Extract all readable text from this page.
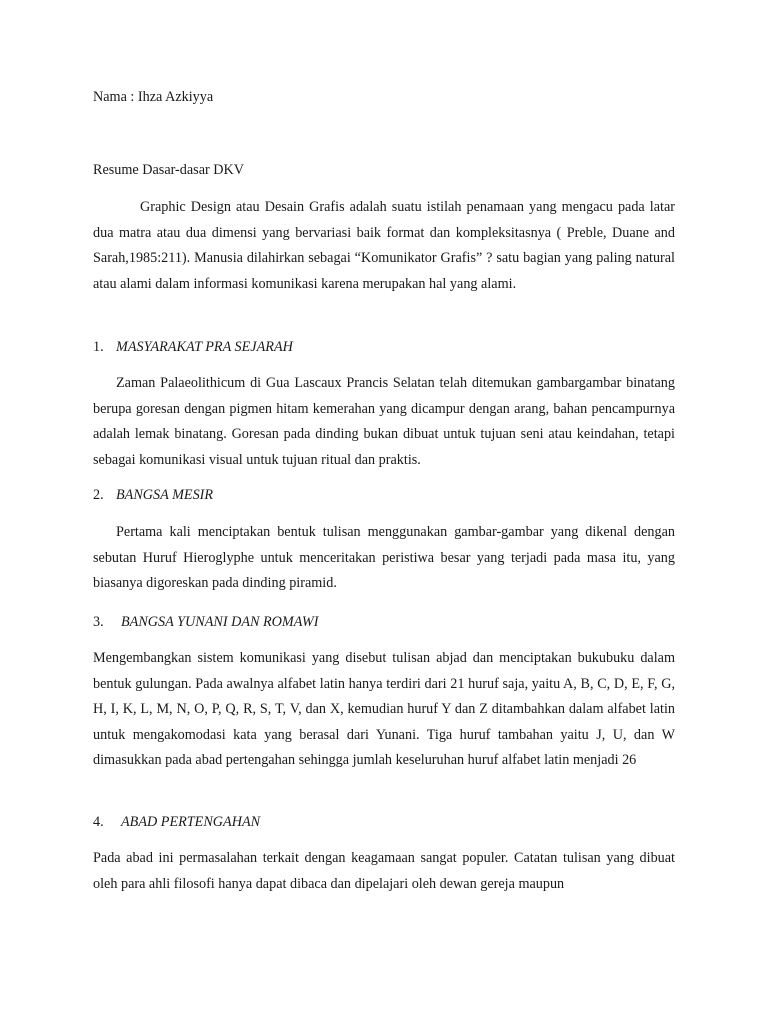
Nama : Ihza Azkiyya
Resume Dasar-dasar DKV
Graphic Design atau Desain Grafis adalah suatu istilah penamaan yang mengacu pada latar dua matra atau dua dimensi yang bervariasi baik format dan kompleksitasnya ( Preble, Duane and Sarah,1985:211). Manusia dilahirkan sebagai “Komunikator Grafis” ? satu bagian yang paling natural atau alami dalam informasi komunikasi karena merupakan hal yang alami.
1. MASYARAKAT PRA SEJARAH
Zaman Palaeolithicum di Gua Lascaux Prancis Selatan telah ditemukan gambargambar binatang berupa goresan dengan pigmen hitam kemerahan yang dicampur dengan arang, bahan pencampurnya adalah lemak binatang. Goresan pada dinding bukan dibuat untuk tujuan seni atau keindahan, tetapi sebagai komunikasi visual untuk tujuan ritual dan praktis.
2. BANGSA MESIR
Pertama kali menciptakan bentuk tulisan menggunakan gambar-gambar yang dikenal dengan sebutan Huruf Hieroglyphe untuk menceritakan peristiwa besar yang terjadi pada masa itu, yang biasanya digoreskan pada dinding piramid.
3. BANGSA YUNANI DAN ROMAWI
Mengembangkan sistem komunikasi yang disebut tulisan abjad dan menciptakan bukubuku dalam bentuk gulungan. Pada awalnya alfabet latin hanya terdiri dari 21 huruf saja, yaitu A, B, C, D, E, F, G, H, I, K, L, M, N, O, P, Q, R, S, T, V, dan X, kemudian huruf Y dan Z ditambahkan dalam alfabet latin untuk mengakomodasi kata yang berasal dari Yunani. Tiga huruf tambahan yaitu J, U, dan W dimasukkan pada abad pertengahan sehingga jumlah keseluruhan huruf alfabet latin menjadi 26
4. ABAD PERTENGAHAN
Pada abad ini permasalahan terkait dengan keagamaan sangat populer. Catatan tulisan yang dibuat oleh para ahli filosofi hanya dapat dibaca dan dipelajari oleh dewan gereja maupun
